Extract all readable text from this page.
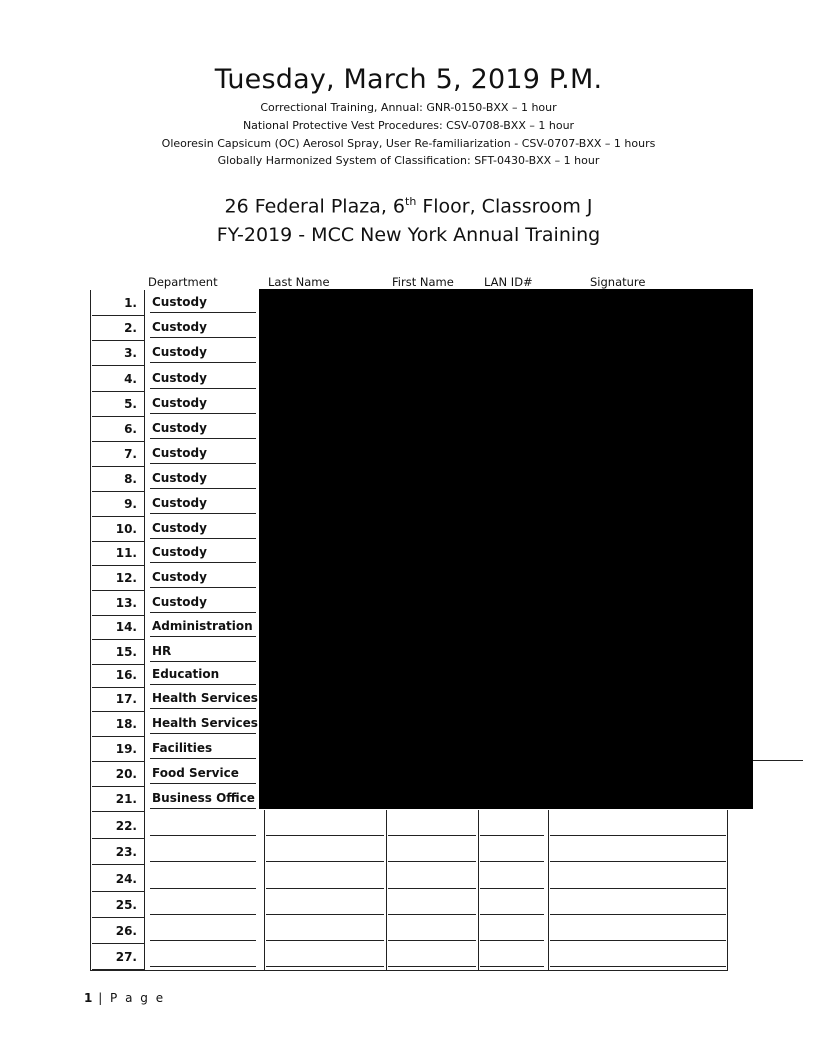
Tuesday, March 5, 2019 P.M.
Correctional Training, Annual: GNR-0150-BXX – 1 hour
National Protective Vest Procedures: CSV-0708-BXX – 1 hour
Oleoresin Capsicum (OC) Aerosol Spray, User Re-familiarization - CSV-0707-BXX – 1 hours
Globally Harmonized System of Classification: SFT-0430-BXX – 1 hour
26 Federal Plaza, 6th Floor, Classroom J
FY-2019 - MCC New York Annual Training
Department	Last Name	First Name	LAN ID#	Signature
1. Custody
2. Custody
3. Custody
4. Custody
5. Custody
6. Custody
7. Custody
8. Custody
9. Custody
10. Custody
11. Custody
12. Custody
13. Custody
14. Administration
15. HR
16. Education
17. Health Services
18. Health Services
19. Facilities
20. Food Service
21. Business Office
22.
23.
24.
25.
26.
27.
1 | P a g e
